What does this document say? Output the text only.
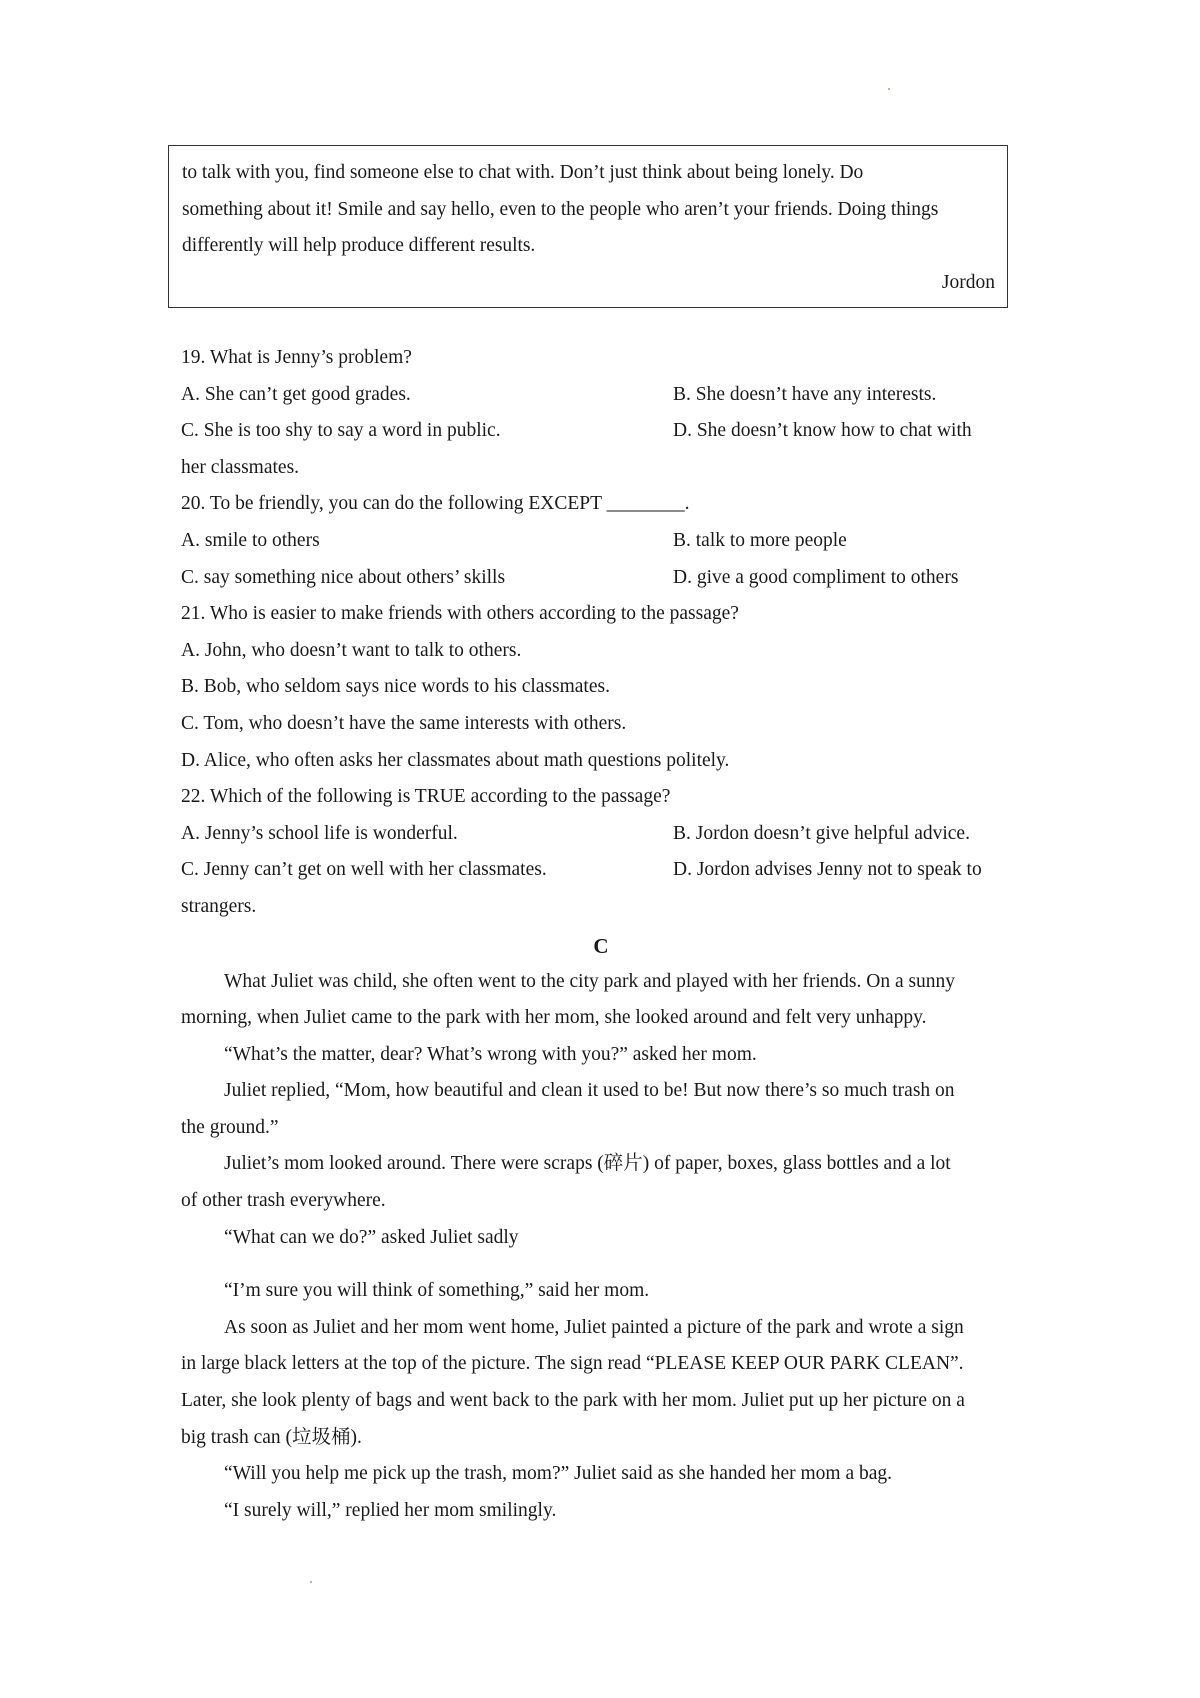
to talk with you, find someone else to chat with. Don’t just think about being lonely. Do
something about it! Smile and say hello, even to the people who aren’t your friends. Doing things
differently will help produce different results.
Jordon
19. What is Jenny’s problem?
A. She can’t get good grades.	B. She doesn’t have any interests.
C. She is too shy to say a word in public.	D. She doesn’t know how to chat with
her classmates.
20. To be friendly, you can do the following EXCEPT ________.
A. smile to others	B. talk to more people
C. say something nice about others’ skills	D. give a good compliment to others
21. Who is easier to make friends with others according to the passage?
A. John, who doesn’t want to talk to others.
B. Bob, who seldom says nice words to his classmates.
C. Tom, who doesn’t have the same interests with others.
D. Alice, who often asks her classmates about math questions politely.
22. Which of the following is TRUE according to the passage?
A. Jenny’s school life is wonderful.	B. Jordon doesn’t give helpful advice.
C. Jenny can’t get on well with her classmates.	D. Jordon advises Jenny not to speak to
strangers.
C
What Juliet was child, she often went to the city park and played with her friends. On a sunny
morning, when Juliet came to the park with her mom, she looked around and felt very unhappy.
“What’s the matter, dear? What’s wrong with you?” asked her mom.
Juliet replied, “Mom, how beautiful and clean it used to be! But now there’s so much trash on
the ground.”
Juliet’s mom looked around. There were scraps (碎片) of paper, boxes, glass bottles and a lot
of other trash everywhere.
“What can we do?” asked Juliet sadly
“I’m sure you will think of something,” said her mom.
As soon as Juliet and her mom went home, Juliet painted a picture of the park and wrote a sign
in large black letters at the top of the picture. The sign read “PLEASE KEEP OUR PARK CLEAN”.
Later, she look plenty of bags and went back to the park with her mom. Juliet put up her picture on a
big trash can (垃圾桶).
“Will you help me pick up the trash, mom?” Juliet said as she handed her mom a bag.
“I surely will,” replied her mom smilingly.
